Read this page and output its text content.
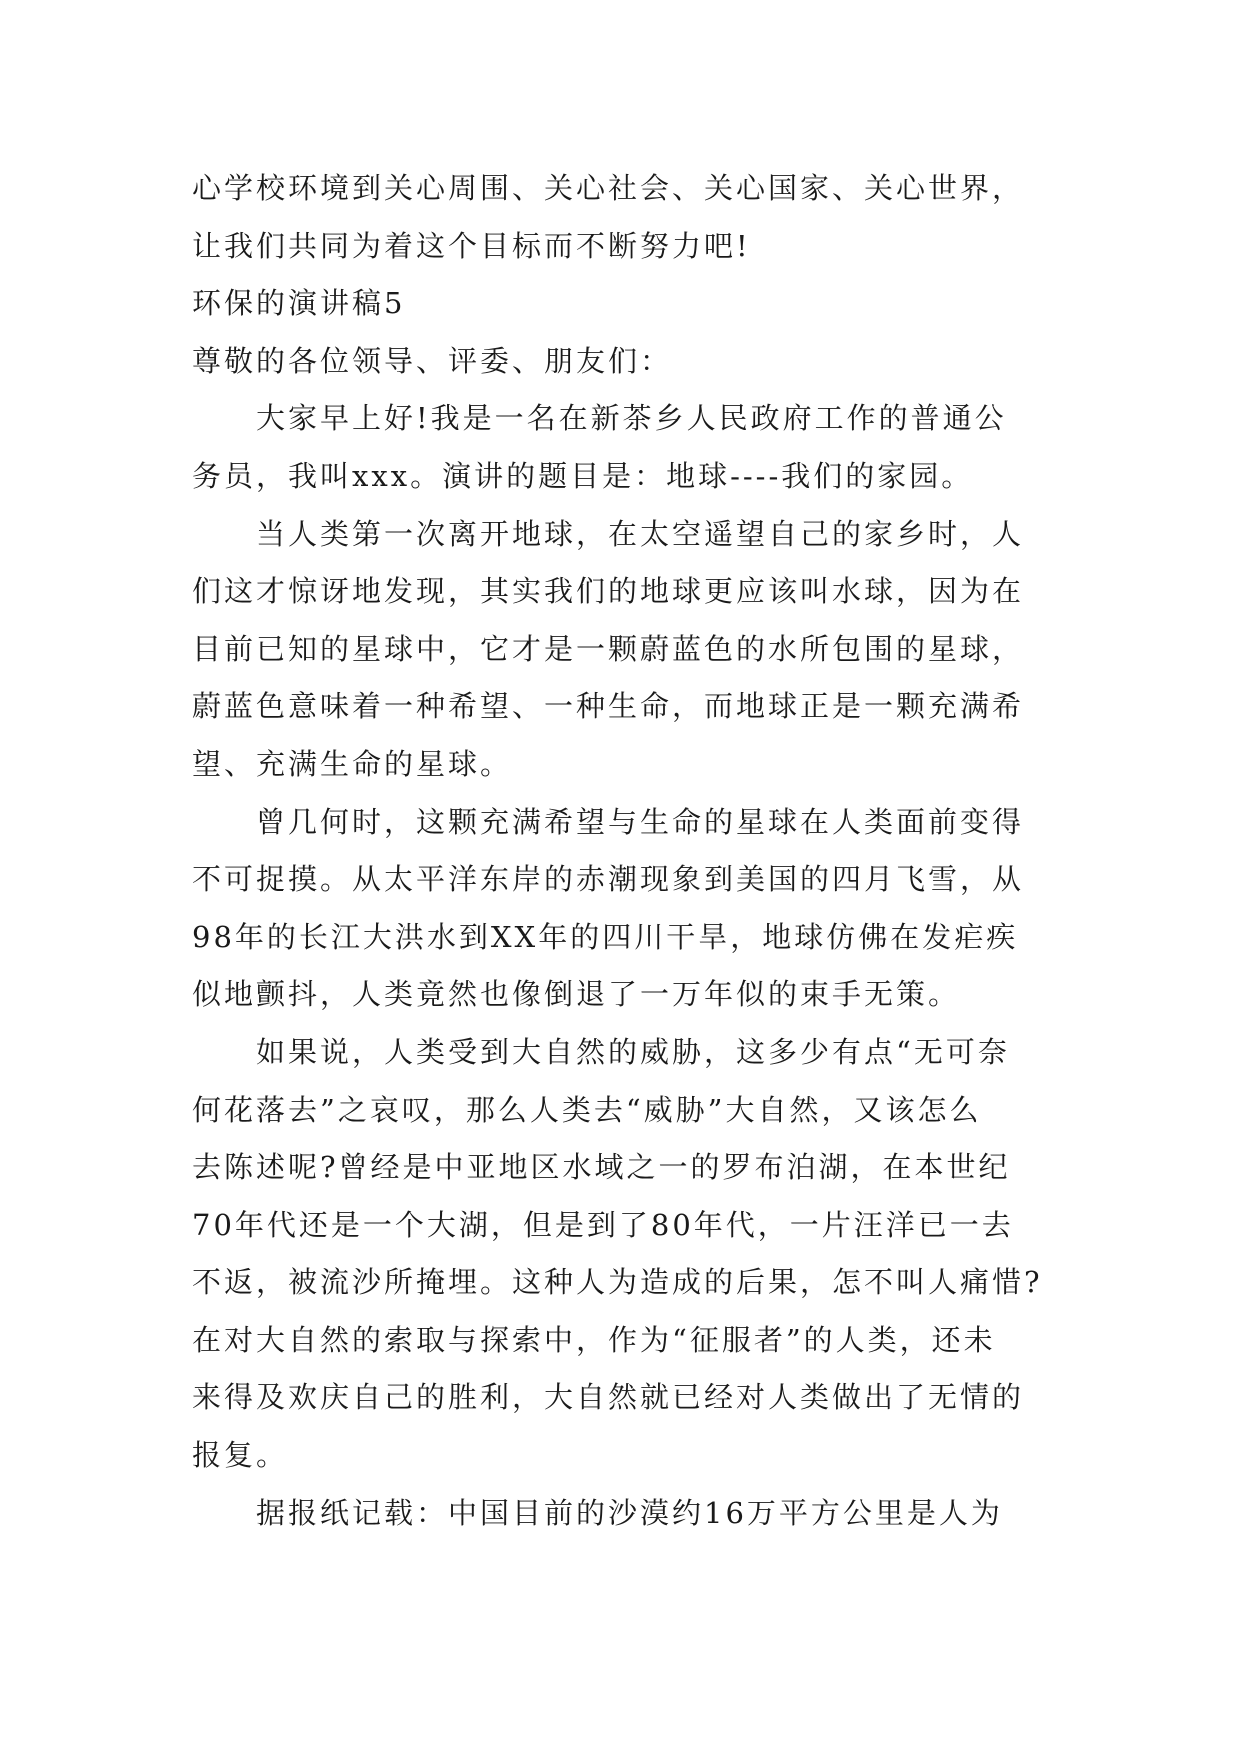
心学校环境到关心周围、关心社会、关心国家、关心世界，
让我们共同为着这个目标而不断努力吧!
环保的演讲稿5
尊敬的各位领导、评委、朋友们：
大家早上好!我是一名在新茶乡人民政府工作的普通公
务员，我叫xxx。演讲的题目是：地球----我们的家园。
当人类第一次离开地球，在太空遥望自己的家乡时，人
们这才惊讶地发现，其实我们的地球更应该叫水球，因为在
目前已知的星球中，它才是一颗蔚蓝色的水所包围的星球，
蔚蓝色意味着一种希望、一种生命，而地球正是一颗充满希
望、充满生命的星球。
曾几何时，这颗充满希望与生命的星球在人类面前变得
不可捉摸。从太平洋东岸的赤潮现象到美国的四月飞雪，从
98年的长江大洪水到XX年的四川干旱，地球仿佛在发疟疾
似地颤抖，人类竟然也像倒退了一万年似的束手无策。
如果说，人类受到大自然的威胁，这多少有点“无可奈
何花落去”之哀叹，那么人类去“威胁”大自然，又该怎么
去陈述呢?曾经是中亚地区水域之一的罗布泊湖，在本世纪
70年代还是一个大湖，但是到了80年代，一片汪洋已一去
不返，被流沙所掩埋。这种人为造成的后果，怎不叫人痛惜?
在对大自然的索取与探索中，作为“征服者”的人类，还未
来得及欢庆自己的胜利，大自然就已经对人类做出了无情的
报复。
据报纸记载：中国目前的沙漠约16万平方公里是人为
